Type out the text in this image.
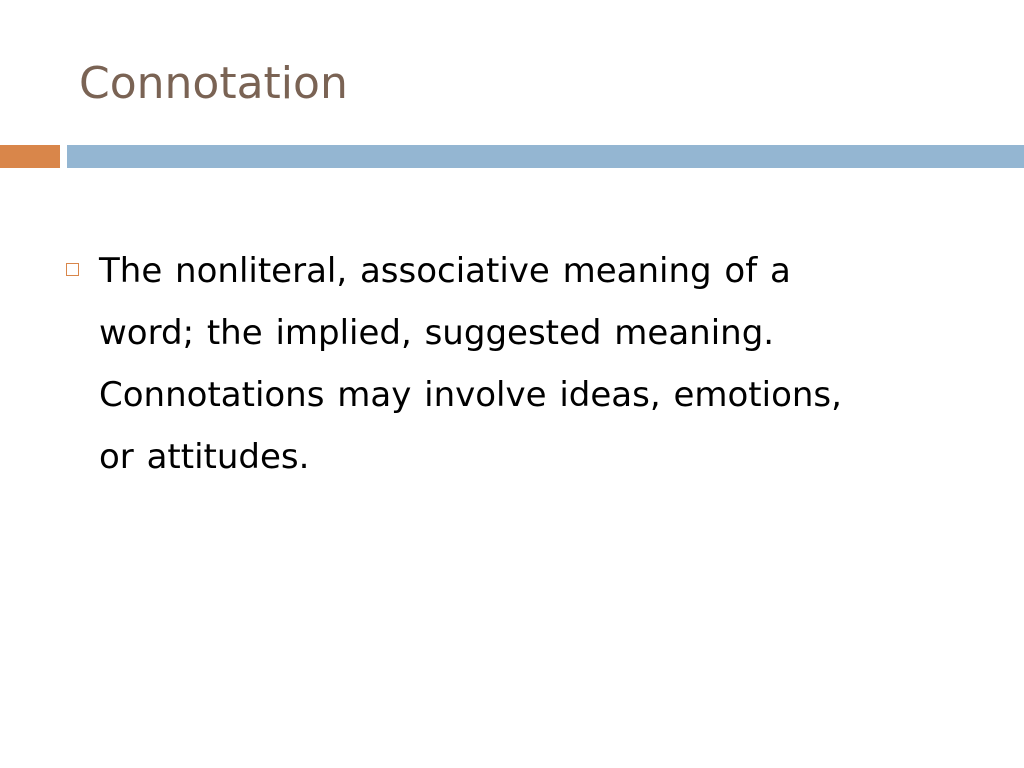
Connotation

The nonliteral, associative meaning of a
word; the implied, suggested meaning.
Connotations may involve ideas, emotions,
or attitudes.
